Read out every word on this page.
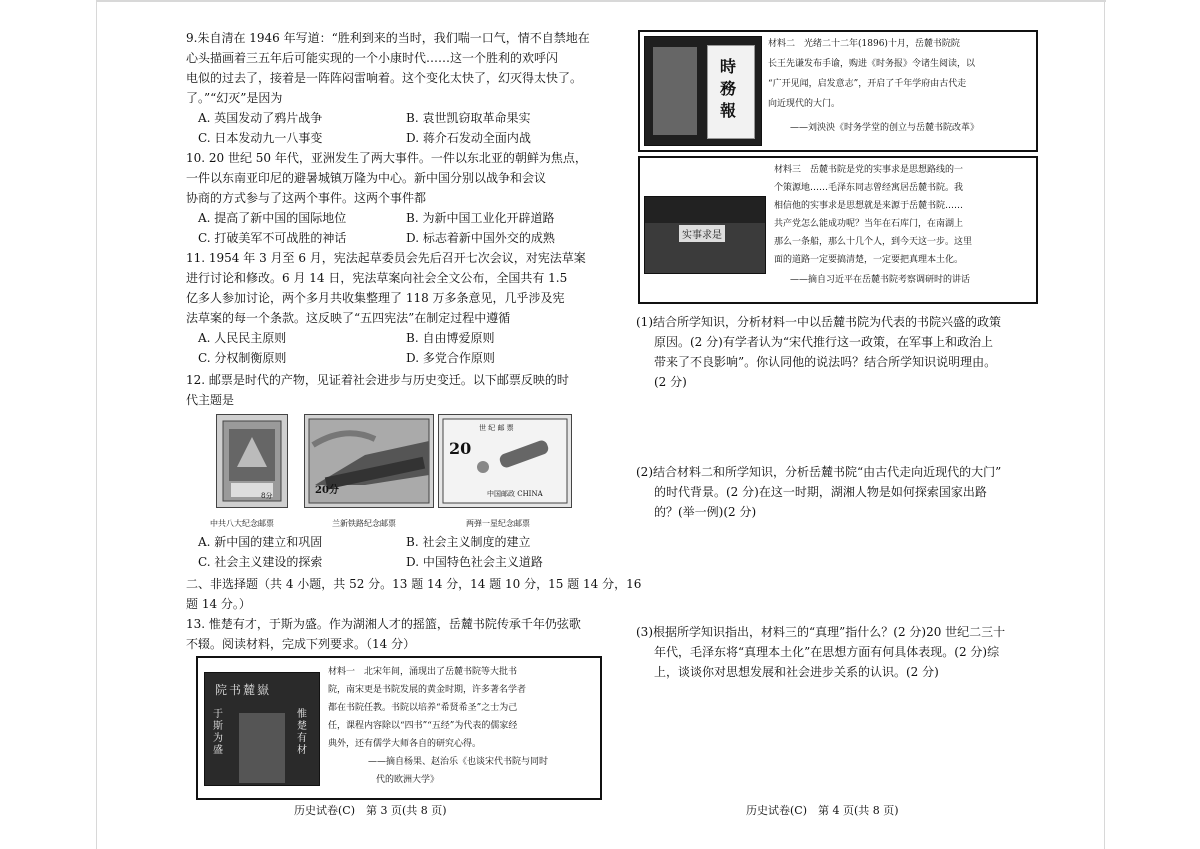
9.朱自清在 1946 年写道：“胜利到来的当时，我们喘一口气，情不自禁地在
心头描画着三五年后可能实现的一个小康时代……这一个胜利的欢呼闪
电似的过去了，接着是一阵阵闷雷响着。这个变化太快了，幻灭得太快了。
了。”“幻灭”是因为
A. 英国发动了鸦片战争	B. 袁世凯窃取革命果实
C. 日本发动九一八事变	D. 蒋介石发动全面内战
10. 20 世纪 50 年代，亚洲发生了两大事件。一件以东北亚的朝鲜为焦点，
一件以东南亚印尼的避暑城镇万隆为中心。新中国分别以战争和会议
协商的方式参与了这两个事件。这两个事件都
A. 提高了新中国的国际地位	B. 为新中国工业化开辟道路
C. 打破美军不可战胜的神话	D. 标志着新中国外交的成熟
11. 1954 年 3 月至 6 月，宪法起草委员会先后召开七次会议，对宪法草案
进行讨论和修改。6 月 14 日，宪法草案向社会全文公布，全国共有 1.5
亿多人参加讨论，两个多月共收集整理了 118 万多条意见，几乎涉及宪
法草案的每一个条款。这反映了“五四宪法”在制定过程中遵循
A. 人民民主原则	B. 自由博爱原则
C. 分权制衡原则	D. 多党合作原则
12. 邮票是时代的产物，见证着社会进步与历史变迁。以下邮票反映的时
代主题是
8分	20分
世 纪 邮 票
20
中国邮政 CHINA
中共八大纪念邮票	兰新铁路纪念邮票	两弹一星纪念邮票
A. 新中国的建立和巩固	B. 社会主义制度的建立
C. 社会主义建设的探索	D. 中国特色社会主义道路
二、非选择题（共 4 小题，共 52 分。13 题 14 分，14 题 10 分，15 题 14 分，16
题 14 分。）
13. 惟楚有才，于斯为盛。作为湖湘人才的摇篮，岳麓书院传承千年仍弦歌
不辍。阅读材料，完成下列要求。（14 分）
院书麓嶽
于斯为盛
惟楚有材
材料一　北宋年间，涌现出了岳麓书院等大批书
院，南宋更是书院发展的黄金时期，许多著名学者
都在书院任教。书院以培养“希贤希圣”之士为己
任，课程内容除以“四书”“五经”为代表的儒家经
典外，还有儒学大师各自的研究心得。
——摘自杨果、赵治乐《也谈宋代书院与同时
代的欧洲大学》
历史试卷(C)　第 3 页(共 8 页)
時務報
材料二　光绪二十二年(1896)十月，岳麓书院院
长王先谦发布手谕，购进《时务报》令诸生阅读，以
“广开见闻，启发意志”，开启了千年学府由古代走
向近现代的大门。
——刘泱泱《时务学堂的创立与岳麓书院改革》
实事求是
材料三　岳麓书院是党的实事求是思想路线的一
个策源地……毛泽东同志曾经寓居岳麓书院。我
相信他的实事求是思想就是来源于岳麓书院……
共产党怎么能成功呢？当年在石库门，在南湖上
那么一条船，那么十几个人，到今天这一步。这里
面的道路一定要搞清楚，一定要把真理本土化。
——摘自习近平在岳麓书院考察调研时的讲话
(1)结合所学知识，分析材料一中以岳麓书院为代表的书院兴盛的政策
原因。(2 分)有学者认为“宋代推行这一政策，在军事上和政治上
带来了不良影响”。你认同他的说法吗？结合所学知识说明理由。
(2 分)
(2)结合材料二和所学知识，分析岳麓书院“由古代走向近现代的大门”
的时代背景。(2 分)在这一时期，湖湘人物是如何探索国家出路
的？(举一例)(2 分)
(3)根据所学知识指出，材料三的“真理”指什么？(2 分)20 世纪二三十
年代，毛泽东将“真理本土化”在思想方面有何具体表现。(2 分)综
上，谈谈你对思想发展和社会进步关系的认识。(2 分)
历史试卷(C)　第 4 页(共 8 页)
